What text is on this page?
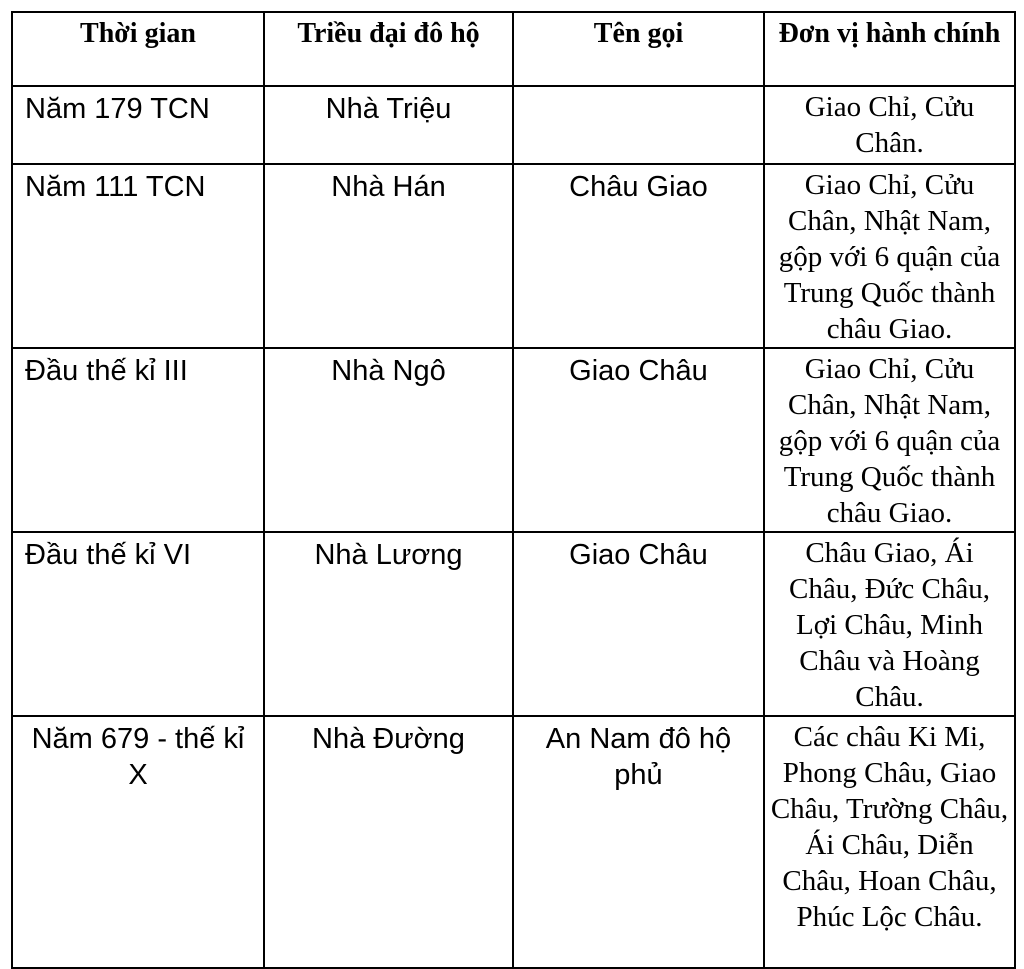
Thời gian	Triều đại đô hộ	Tên gọi	Đơn vị hành chính
Năm 179 TCN	Nhà Triệu		Giao Chỉ, Cửu Chân.
Năm 111 TCN	Nhà Hán	Châu Giao	Giao Chỉ, Cửu Chân, Nhật Nam, gộp với 6 quận của Trung Quốc thành châu Giao.
Đầu thế kỉ III	Nhà Ngô	Giao Châu	Giao Chỉ, Cửu Chân, Nhật Nam, gộp với 6 quận của Trung Quốc thành châu Giao.
Đầu thế kỉ VI	Nhà Lương	Giao Châu	Châu Giao, Ái Châu, Đức Châu, Lợi Châu, Minh Châu và Hoàng Châu.
Năm 679 - thế kỉ X	Nhà Đường	An Nam đô hộ phủ	Các châu Ki Mi, Phong Châu, Giao Châu, Trường Châu, Ái Châu, Diễn Châu, Hoan Châu, Phúc Lộc Châu.
